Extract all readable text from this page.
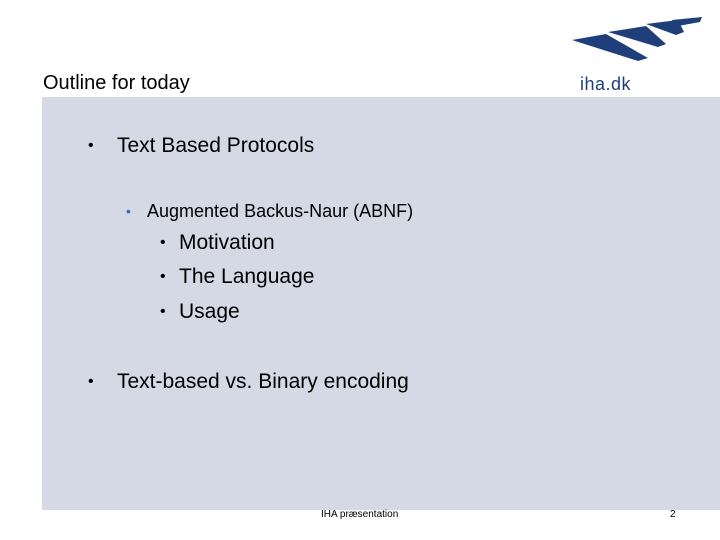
Outline for today	iha.dk
• Text Based Protocols
• Augmented Backus-Naur (ABNF)
• Motivation
• The Language
• Usage
• Text-based vs. Binary encoding
IHA præsentation	2
